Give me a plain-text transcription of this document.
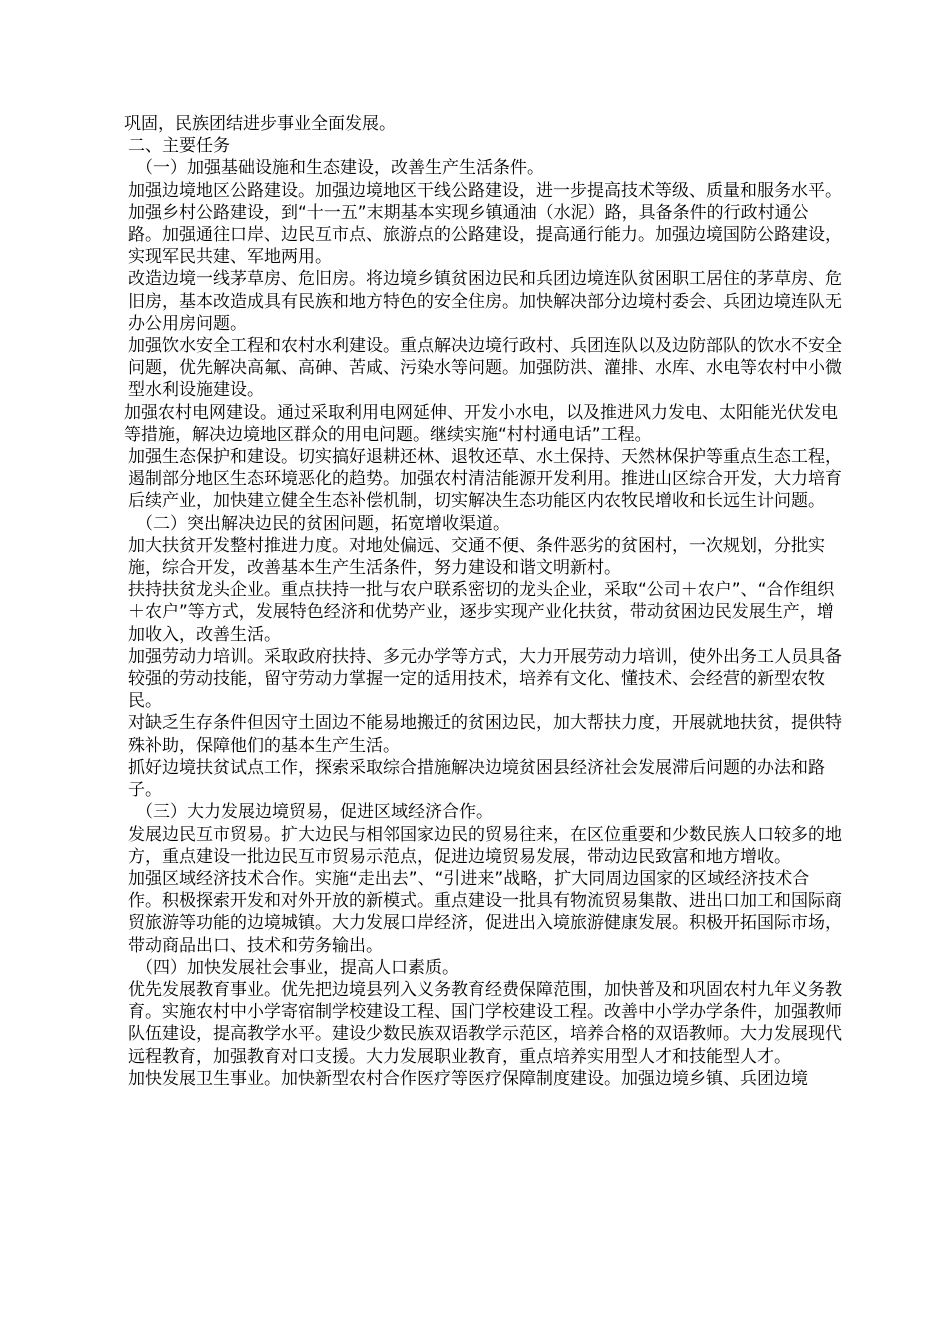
巩固，民族团结进步事业全面发展。

二、主要任务

（一）加强基础设施和生态建设，改善生产生活条件。

加强边境地区公路建设。加强边境地区干线公路建设，进一步提高技术等级、质量和服务水平。加强乡村公路建设，到“十一五”末期基本实现乡镇通油（水泥）路，具备条件的行政村通公路。加强通往口岸、边民互市点、旅游点的公路建设，提高通行能力。加强边境国防公路建设，实现军民共建、军地两用。

改造边境一线茅草房、危旧房。将边境乡镇贫困边民和兵团边境连队贫困职工居住的茅草房、危旧房，基本改造成具有民族和地方特色的安全住房。加快解决部分边境村委会、兵团边境连队无办公用房问题。

加强饮水安全工程和农村水利建设。重点解决边境行政村、兵团连队以及边防部队的饮水不安全问题，优先解决高氟、高砷、苦咸、污染水等问题。加强防洪、灌排、水库、水电等农村中小微型水利设施建设。

加强农村电网建设。通过采取利用电网延伸、开发小水电，以及推进风力发电、太阳能光伏发电等措施，解决边境地区群众的用电问题。继续实施“村村通电话”工程。

加强生态保护和建设。切实搞好退耕还林、退牧还草、水土保持、天然林保护等重点生态工程，遏制部分地区生态环境恶化的趋势。加强农村清洁能源开发利用。推进山区综合开发，大力培育后续产业，加快建立健全生态补偿机制，切实解决生态功能区内农牧民增收和长远生计问题。

（二）突出解决边民的贫困问题，拓宽增收渠道。

加大扶贫开发整村推进力度。对地处偏远、交通不便、条件恶劣的贫困村，一次规划，分批实施，综合开发，改善基本生产生活条件，努力建设和谐文明新村。

扶持扶贫龙头企业。重点扶持一批与农户联系密切的龙头企业，采取“公司＋农户”、“合作组织＋农户”等方式，发展特色经济和优势产业，逐步实现产业化扶贫，带动贫困边民发展生产，增加收入，改善生活。

加强劳动力培训。采取政府扶持、多元办学等方式，大力开展劳动力培训，使外出务工人员具备较强的劳动技能，留守劳动力掌握一定的适用技术，培养有文化、懂技术、会经营的新型农牧民。

对缺乏生存条件但因守土固边不能易地搬迁的贫困边民，加大帮扶力度，开展就地扶贫，提供特殊补助，保障他们的基本生产生活。

抓好边境扶贫试点工作，探索采取综合措施解决边境贫困县经济社会发展滞后问题的办法和路子。

（三）大力发展边境贸易，促进区域经济合作。

发展边民互市贸易。扩大边民与相邻国家边民的贸易往来，在区位重要和少数民族人口较多的地方，重点建设一批边民互市贸易示范点，促进边境贸易发展，带动边民致富和地方增收。

加强区域经济技术合作。实施“走出去”、“引进来”战略，扩大同周边国家的区域经济技术合作。积极探索开发和对外开放的新模式。重点建设一批具有物流贸易集散、进出口加工和国际商贸旅游等功能的边境城镇。大力发展口岸经济，促进出入境旅游健康发展。积极开拓国际市场，带动商品出口、技术和劳务输出。

（四）加快发展社会事业，提高人口素质。

优先发展教育事业。优先把边境县列入义务教育经费保障范围，加快普及和巩固农村九年义务教育。实施农村中小学寄宿制学校建设工程、国门学校建设工程。改善中小学办学条件，加强教师队伍建设，提高教学水平。建设少数民族双语教学示范区，培养合格的双语教师。大力发展现代远程教育，加强教育对口支援。大力发展职业教育，重点培养实用型人才和技能型人才。

加快发展卫生事业。加快新型农村合作医疗等医疗保障制度建设。加强边境乡镇、兵团边境
